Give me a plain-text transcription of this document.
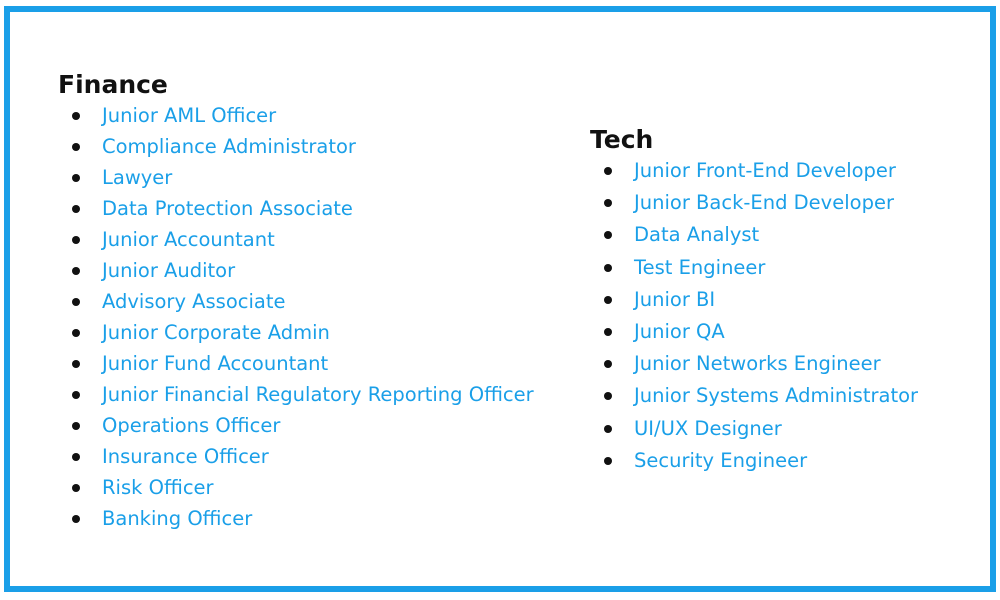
Finance
Junior AML Officer
Compliance Administrator
Lawyer
Data Protection Associate
Junior Accountant
Junior Auditor
Advisory Associate
Junior Corporate Admin
Junior Fund Accountant
Junior Financial Regulatory Reporting Officer
Operations Officer
Insurance Officer
Risk Officer
Banking Officer
Tech
Junior Front-End Developer
Junior Back-End Developer
Data Analyst
Test Engineer
Junior BI
Junior QA
Junior Networks Engineer
Junior Systems Administrator
UI/UX Designer
Security Engineer
